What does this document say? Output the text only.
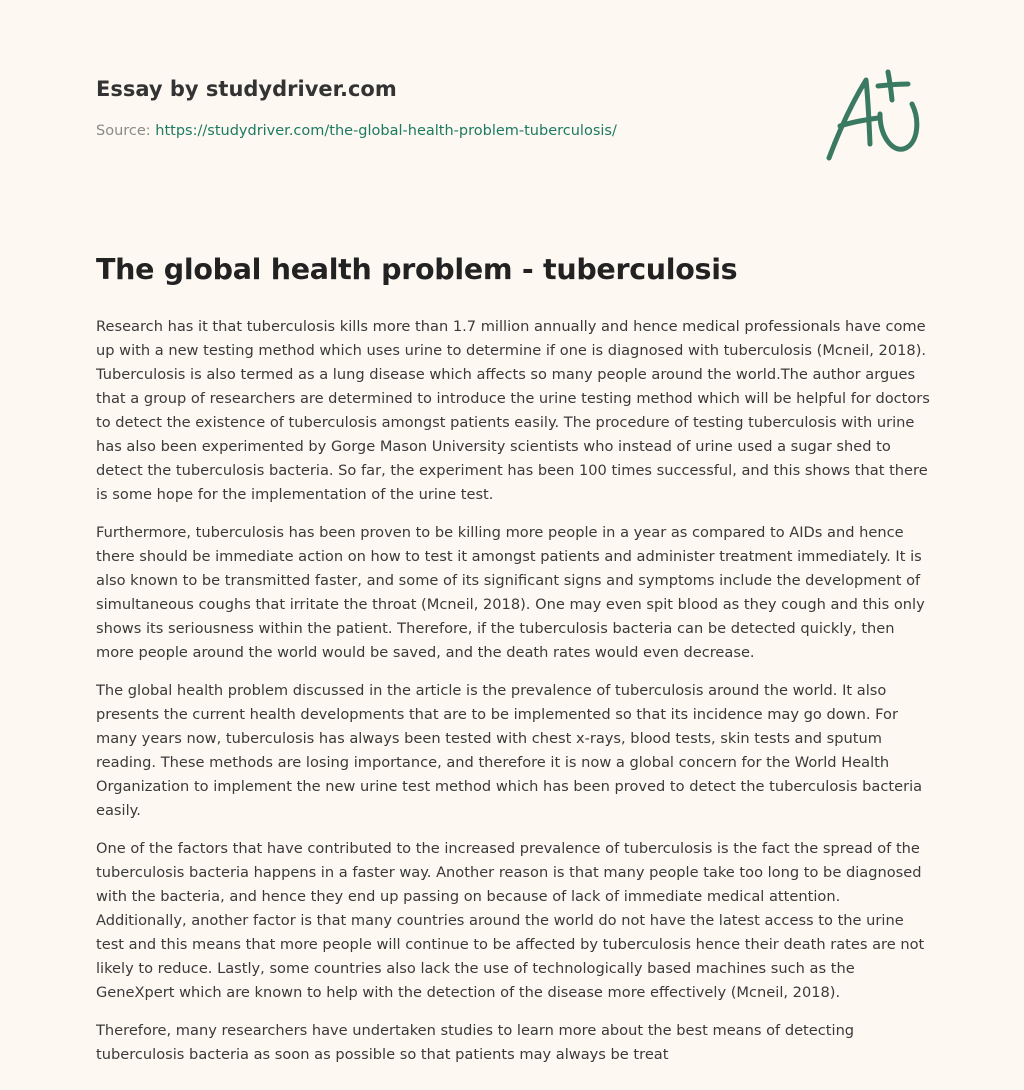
Essay by studydriver.com
Source: https://studydriver.com/the-global-health-problem-tuberculosis/
The global health problem - tuberculosis

Research has it that tuberculosis kills more than 1.7 million annually and hence medical professionals have come up with a new testing method which uses urine to determine if one is diagnosed with tuberculosis (Mcneil, 2018). Tuberculosis is also termed as a lung disease which affects so many people around the world.The author argues that a group of researchers are determined to introduce the urine testing method which will be helpful for doctors to detect the existence of tuberculosis amongst patients easily. The procedure of testing tuberculosis with urine has also been experimented by Gorge Mason University scientists who instead of urine used a sugar shed to detect the tuberculosis bacteria. So far, the experiment has been 100 times successful, and this shows that there is some hope for the implementation of the urine test.

Furthermore, tuberculosis has been proven to be killing more people in a year as compared to AIDs and hence there should be immediate action on how to test it amongst patients and administer treatment immediately. It is also known to be transmitted faster, and some of its significant signs and symptoms include the development of simultaneous coughs that irritate the throat (Mcneil, 2018). One may even spit blood as they cough and this only shows its seriousness within the patient. Therefore, if the tuberculosis bacteria can be detected quickly, then more people around the world would be saved, and the death rates would even decrease.

The global health problem discussed in the article is the prevalence of tuberculosis around the world. It also presents the current health developments that are to be implemented so that its incidence may go down. For many years now, tuberculosis has always been tested with chest x-rays, blood tests, skin tests and sputum reading. These methods are losing importance, and therefore it is now a global concern for the World Health Organization to implement the new urine test method which has been proved to detect the tuberculosis bacteria easily.

One of the factors that have contributed to the increased prevalence of tuberculosis is the fact the spread of the tuberculosis bacteria happens in a faster way. Another reason is that many people take too long to be diagnosed with the bacteria, and hence they end up passing on because of lack of immediate medical attention. Additionally, another factor is that many countries around the world do not have the latest access to the urine test and this means that more people will continue to be affected by tuberculosis hence their death rates are not likely to reduce. Lastly, some countries also lack the use of technologically based machines such as the GeneXpert which are known to help with the detection of the disease more effectively (Mcneil, 2018).

Therefore, many researchers have undertaken studies to learn more about the best means of detecting tuberculosis bacteria as soon as possible so that patients may always be treat
